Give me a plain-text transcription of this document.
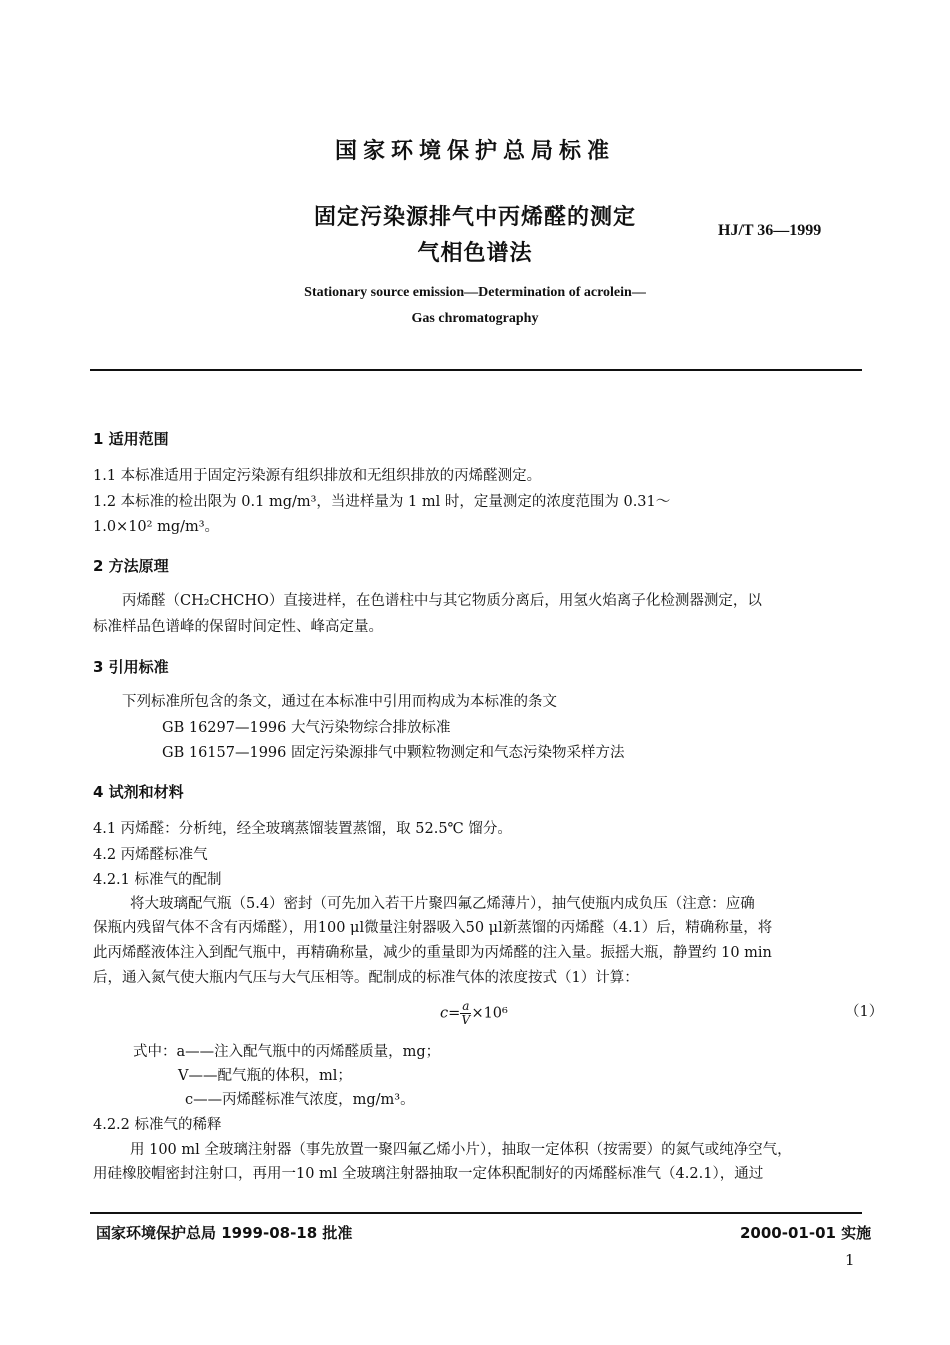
国家环境保护总局标准
固定污染源排气中丙烯醛的测定
气相色谱法
HJ/T 36—1999
Stationary source emission—Determination of acrolein—
Gas chromatography
1 适用范围
1.1 本标准适用于固定污染源有组织排放和无组织排放的丙烯醛测定。
1.2 本标准的检出限为 0.1 mg/m³，当进样量为 1 ml 时，定量测定的浓度范围为 0.31～
1.0×10² mg/m³。
2 方法原理
丙烯醛（CH₂CHCHO）直接进样，在色谱柱中与其它物质分离后，用氢火焰离子化检测器测定，以
标准样品色谱峰的保留时间定性、峰高定量。
3 引用标准
下列标准所包含的条文，通过在本标准中引用而构成为本标准的条文
GB 16297—1996 大气污染物综合排放标准
GB 16157—1996 固定污染源排气中颗粒物测定和气态污染物采样方法
4 试剂和材料
4.1 丙烯醛：分析纯，经全玻璃蒸馏装置蒸馏，取 52.5℃ 馏分。
4.2 丙烯醛标准气
4.2.1 标准气的配制
将大玻璃配气瓶（5.4）密封（可先加入若干片聚四氟乙烯薄片），抽气使瓶内成负压（注意：应确
保瓶内残留气体不含有丙烯醛），用100 μl微量注射器吸入50 μl新蒸馏的丙烯醛（4.1）后，精确称量，将
此丙烯醛液体注入到配气瓶中，再精确称量，减少的重量即为丙烯醛的注入量。振摇大瓶，静置约 10 min
后，通入氮气使大瓶内气压与大气压相等。配制成的标准气体的浓度按式（1）计算：
$c= \frac{a}{V} \times 10^6$	（1）
式中：a——注入配气瓶中的丙烯醛质量，mg；
V——配气瓶的体积，ml；
c——丙烯醛标准气浓度，mg/m³。
4.2.2 标准气的稀释
用 100 ml 全玻璃注射器（事先放置一聚四氟乙烯小片），抽取一定体积（按需要）的氮气或纯净空气，
用硅橡胶帽密封注射口，再用一10 ml 全玻璃注射器抽取一定体积配制好的丙烯醛标准气（4.2.1），通过
国家环境保护总局 1999-08-18 批准	2000-01-01 实施
1
